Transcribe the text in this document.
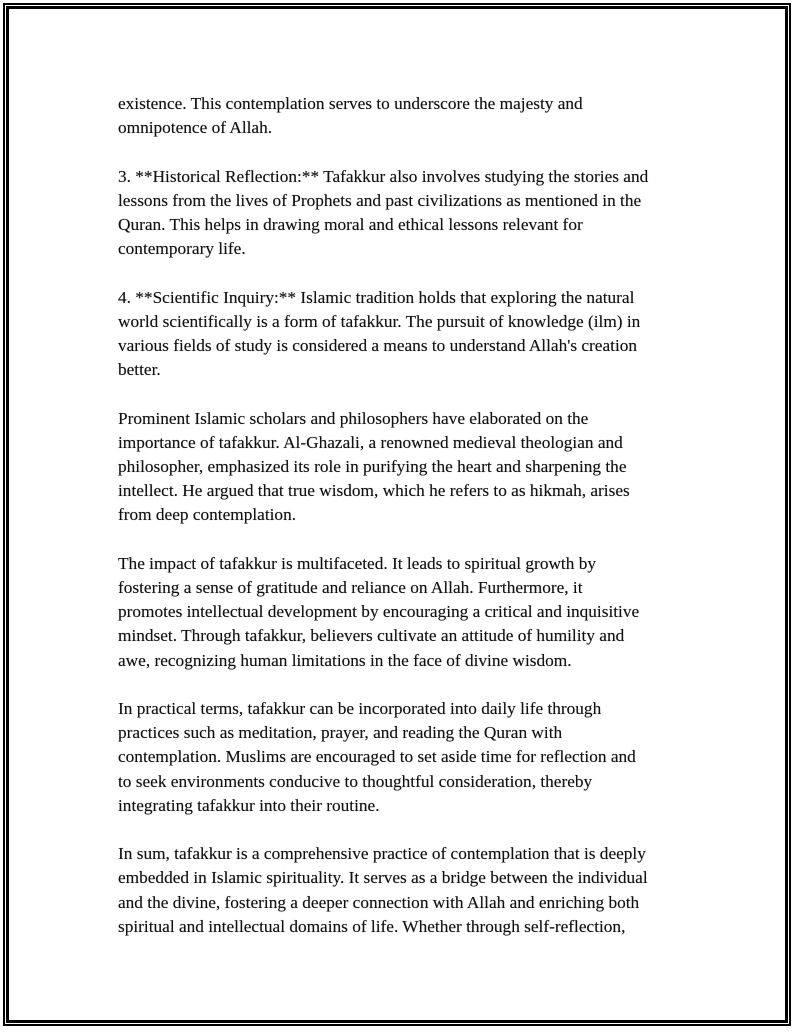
existence. This contemplation serves to underscore the majesty and
omnipotence of Allah.

3. **Historical Reflection:** Tafakkur also involves studying the stories and
lessons from the lives of Prophets and past civilizations as mentioned in the
Quran. This helps in drawing moral and ethical lessons relevant for
contemporary life.

4. **Scientific Inquiry:** Islamic tradition holds that exploring the natural
world scientifically is a form of tafakkur. The pursuit of knowledge (ilm) in
various fields of study is considered a means to understand Allah's creation
better.

Prominent Islamic scholars and philosophers have elaborated on the
importance of tafakkur. Al-Ghazali, a renowned medieval theologian and
philosopher, emphasized its role in purifying the heart and sharpening the
intellect. He argued that true wisdom, which he refers to as hikmah, arises
from deep contemplation.

The impact of tafakkur is multifaceted. It leads to spiritual growth by
fostering a sense of gratitude and reliance on Allah. Furthermore, it
promotes intellectual development by encouraging a critical and inquisitive
mindset. Through tafakkur, believers cultivate an attitude of humility and
awe, recognizing human limitations in the face of divine wisdom.

In practical terms, tafakkur can be incorporated into daily life through
practices such as meditation, prayer, and reading the Quran with
contemplation. Muslims are encouraged to set aside time for reflection and
to seek environments conducive to thoughtful consideration, thereby
integrating tafakkur into their routine.

In sum, tafakkur is a comprehensive practice of contemplation that is deeply
embedded in Islamic spirituality. It serves as a bridge between the individual
and the divine, fostering a deeper connection with Allah and enriching both
spiritual and intellectual domains of life. Whether through self-reflection,
